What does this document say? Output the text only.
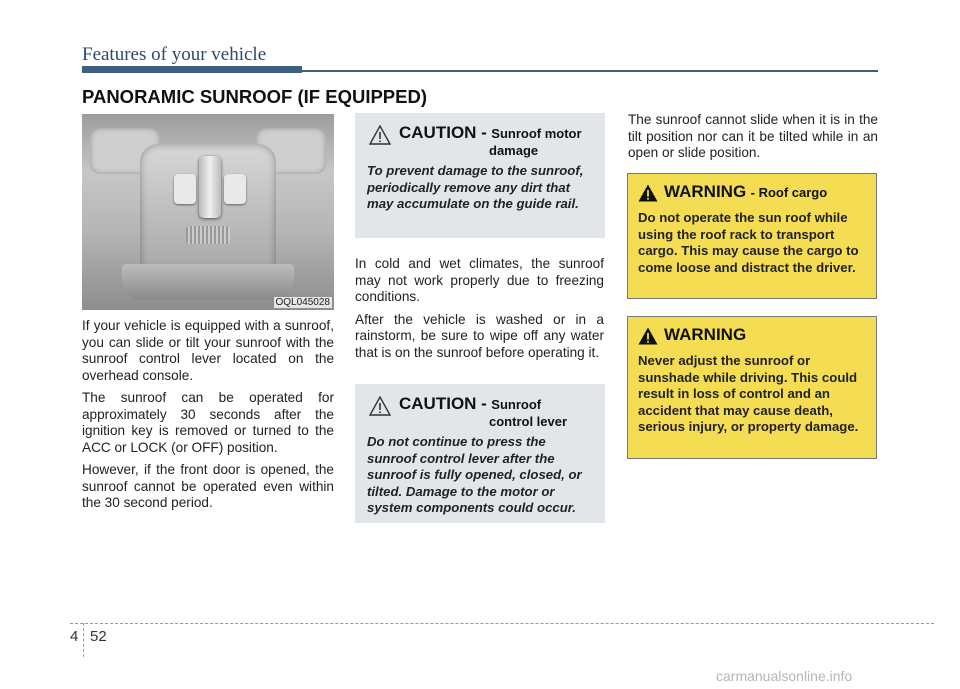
Features of your vehicle
PANORAMIC SUNROOF (IF EQUIPPED)
OQL045028

If your vehicle is equipped with a sunroof, you can slide or tilt your sunroof with the sunroof control lever located on the overhead console.

The sunroof can be operated for approximately 30 seconds after the ignition key is removed or turned to the ACC or LOCK (or OFF) position.

However, if the front door is opened, the sunroof cannot be operated even within the 30 second period.

CAUTION - Sunroof motor
damage
To prevent damage to the sunroof, periodically remove any dirt that may accumulate on the guide rail.

In cold and wet climates, the sunroof may not work properly due to freezing conditions.

After the vehicle is washed or in a rainstorm, be sure to wipe off any water that is on the sunroof before operating it.

CAUTION - Sunroof
control lever
Do not continue to press the sunroof control lever after the sunroof is fully opened, closed, or tilted. Damage to the motor or system components could occur.

The sunroof cannot slide when it is in the tilt position nor can it be tilted while in an open or slide position.

WARNING - Roof cargo
Do not operate the sun roof while using the roof rack to transport cargo. This may cause the cargo to come loose and distract the driver.
WARNING
Never adjust the sunroof or sunshade while driving. This could result in loss of control and an accident that may cause death, serious injury, or property damage.
4 52
carmanualsonline.info
